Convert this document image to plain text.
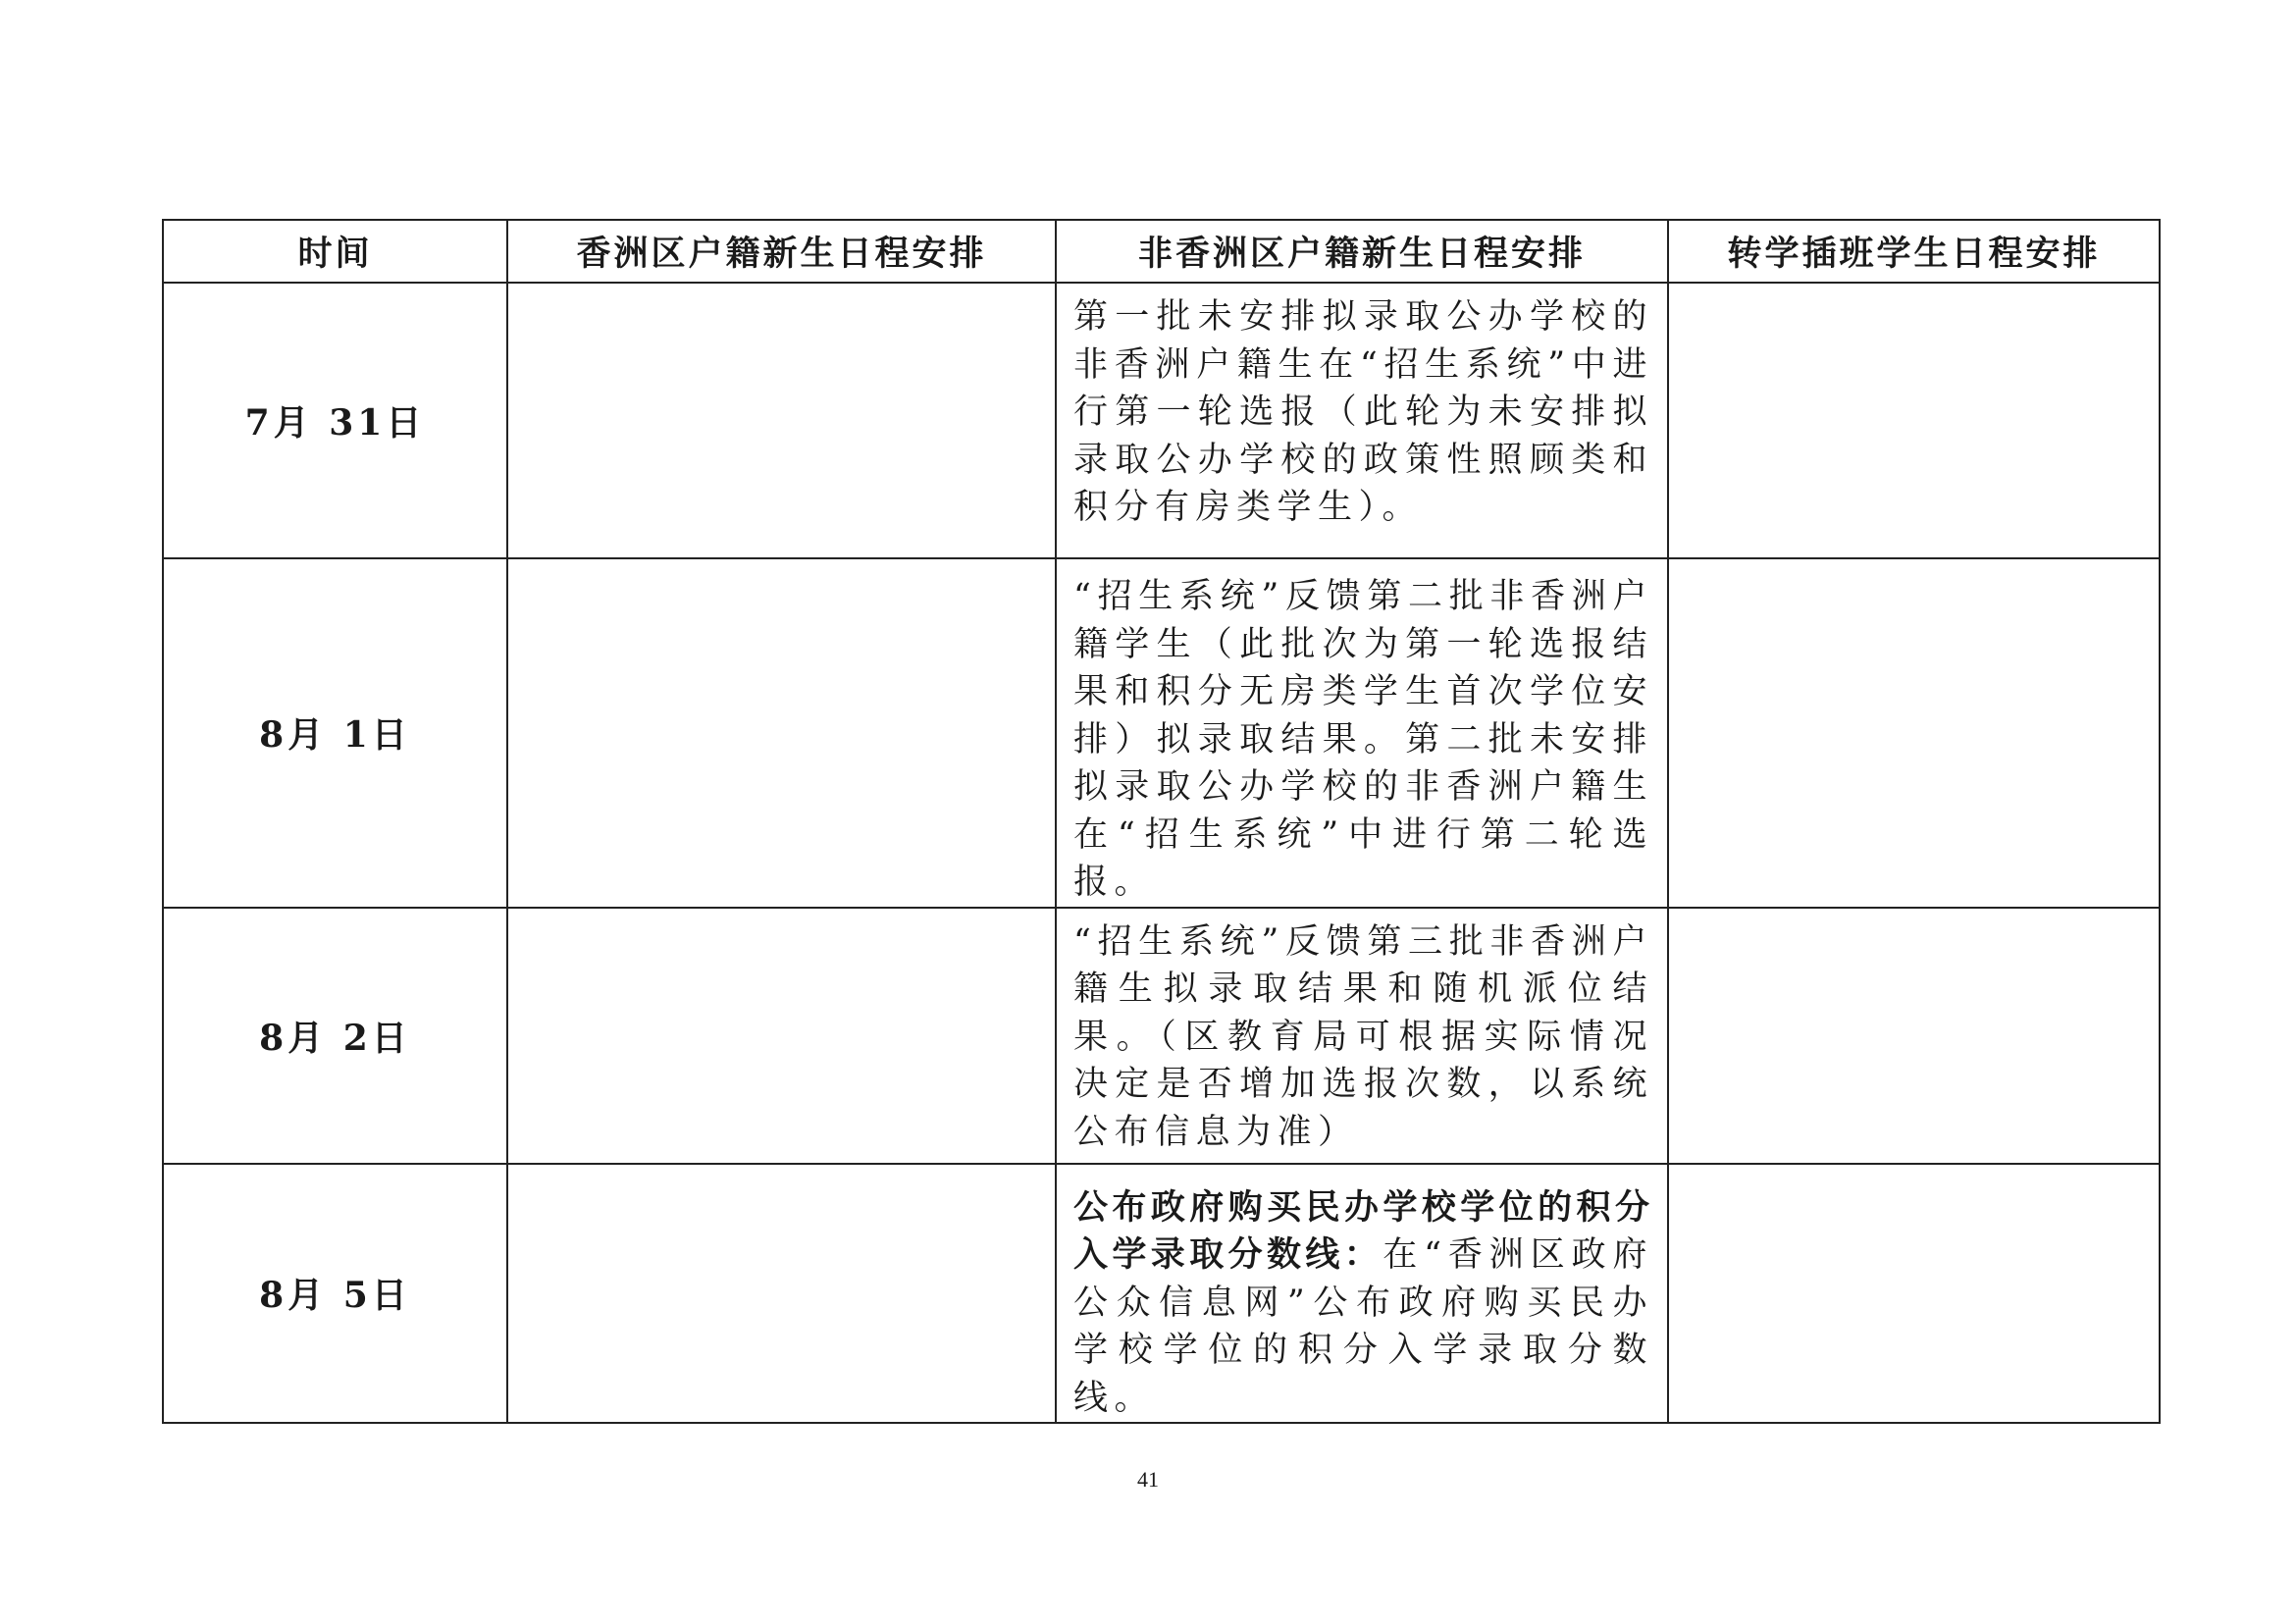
时间	香洲区户籍新生日程安排	非香洲区户籍新生日程安排	转学插班学生日程安排
7月 31日		第一批未安排拟录取公办学校的非香洲户籍生在“招生系统”中进行第一轮选报（此轮为未安排拟录取公办学校的政策性照顾类和积分有房类学生）。	

8月 1日		“招生系统”反馈第二批非香洲户籍学生（此批次为第一轮选报结果和积分无房类学生首次学位安排）拟录取结果。第二批未安排拟录取公办学校的非香洲户籍生在“招生系统”中进行第二轮选报。	

8月 2日		“招生系统”反馈第三批非香洲户籍生拟录取结果和随机派位结果。（区教育局可根据实际情况决定是否增加选报次数，以系统公布信息为准）	

8月 5日		公布政府购买民办学校学位的积分入学录取分数线：在“香洲区政府公众信息网”公布政府购买民办学校学位的积分入学录取分数线。	

41
